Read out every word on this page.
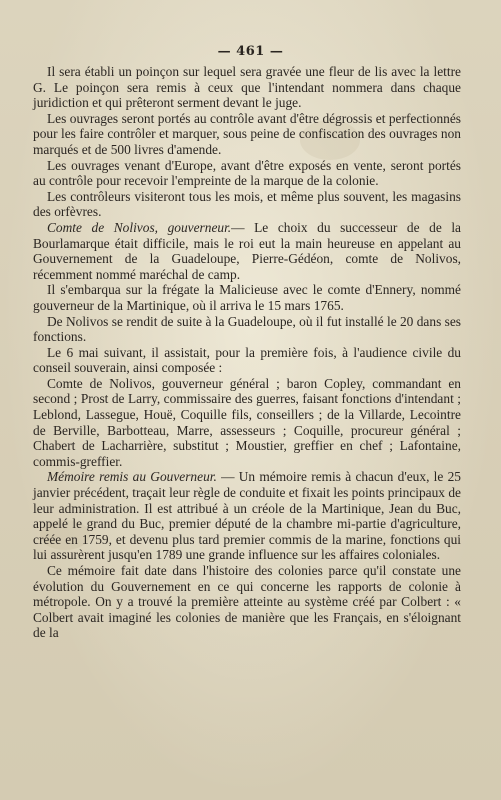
— 461 —

Il sera établi un poinçon sur lequel sera gravée une fleur de lis avec la lettre G. Le poinçon sera remis à ceux que l'intendant nommera dans chaque juridiction et qui prêteront serment devant le juge.

Les ouvrages seront portés au contrôle avant d'être dégrossis et perfectionnés pour les faire contrôler et marquer, sous peine de confiscation des ouvrages non marqués et de 500 livres d'amende.

Les ouvrages venant d'Europe, avant d'être exposés en vente, seront portés au contrôle pour recevoir l'empreinte de la marque de la colonie.

Les contrôleurs visiteront tous les mois, et même plus souvent, les magasins des orfèvres.

Comte de Nolivos, gouverneur.— Le choix du successeur de de la Bourlamarque était difficile, mais le roi eut la main heureuse en appelant au Gouvernement de la Guadeloupe, Pierre-Gédéon, comte de Nolivos, récemment nommé maréchal de camp.

Il s'embarqua sur la frégate la Malicieuse avec le comte d'Ennery, nommé gouverneur de la Martinique, où il arriva le 15 mars 1765.

De Nolivos se rendit de suite à la Guadeloupe, où il fut installé le 20 dans ses fonctions.

Le 6 mai suivant, il assistait, pour la première fois, à l'audience civile du conseil souverain, ainsi composée :

Comte de Nolivos, gouverneur général ; baron Copley, commandant en second ; Prost de Larry, commissaire des guerres, faisant fonctions d'intendant ; Leblond, Lassegue, Houë, Coquille fils, conseillers ; de la Villarde, Lecointre de Berville, Barbotteau, Marre, assesseurs ; Coquille, procureur général ; Chabert de Lacharrière, substitut ; Moustier, greffier en chef ; Lafontaine, commis-greffier.

Mémoire remis au Gouverneur. — Un mémoire remis à chacun d'eux, le 25 janvier précédent, traçait leur règle de conduite et fixait les points principaux de leur administration. Il est attribué à un créole de la Martinique, Jean du Buc, appelé le grand du Buc, premier député de la chambre mi-partie d'agriculture, créée en 1759, et devenu plus tard premier commis de la marine, fonctions qui lui assurèrent jusqu'en 1789 une grande influence sur les affaires coloniales.

Ce mémoire fait date dans l'histoire des colonies parce qu'il constate une évolution du Gouvernement en ce qui concerne les rapports de colonie à métropole. On y a trouvé la première atteinte au système créé par Colbert : « Colbert avait imaginé les colonies de manière que les Français, en s'éloignant de la
